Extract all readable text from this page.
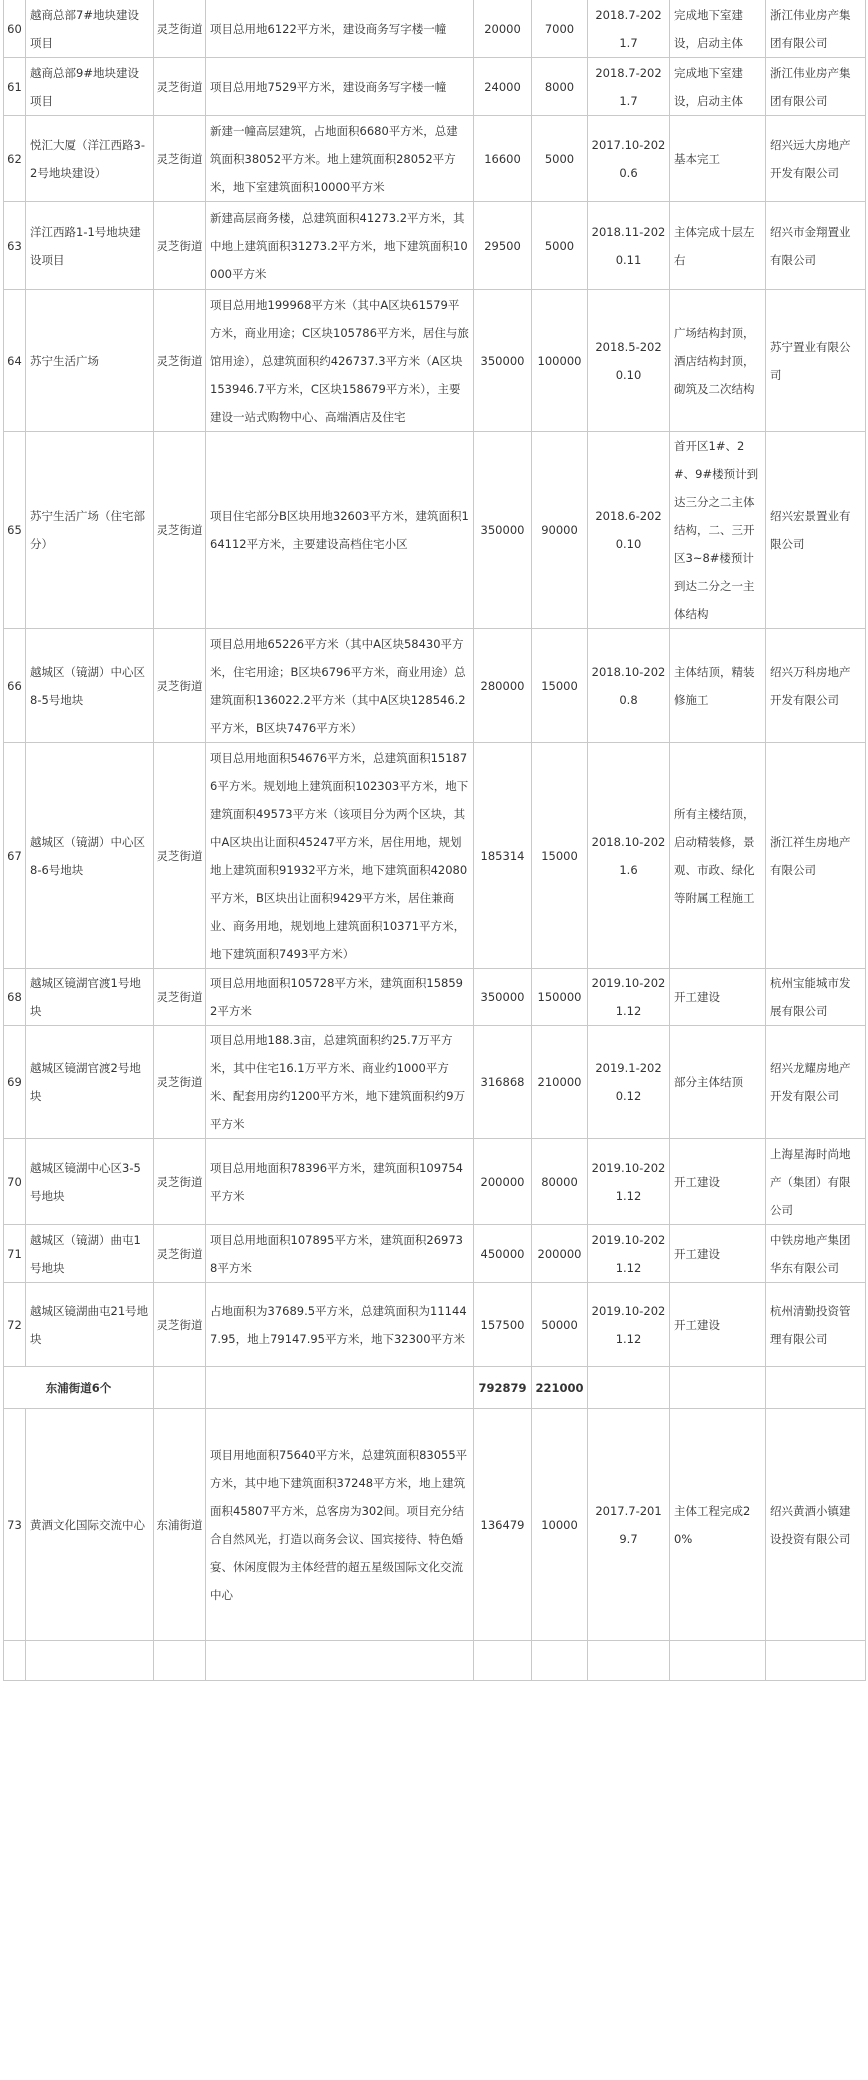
60	越商总部7#地块建设项目	灵芝街道	项目总用地6122平方米，建设商务写字楼一幢	20000	7000	2018.7-2021.7	完成地下室建设，启动主体	浙江伟业房产集团有限公司
61	越商总部9#地块建设项目	灵芝街道	项目总用地7529平方米，建设商务写字楼一幢	24000	8000	2018.7-2021.7	完成地下室建设，启动主体	浙江伟业房产集团有限公司
62	悦汇大厦（洋江西路3-2号地块建设）	灵芝街道	新建一幢高层建筑，占地面积6680平方米，总建筑面积38052平方米。地上建筑面积28052平方米，地下室建筑面积10000平方米	16600	5000	2017.10-2020.6	基本完工	绍兴远大房地产开发有限公司
63	洋江西路1-1号地块建设项目	灵芝街道	新建高层商务楼，总建筑面积41273.2平方米，其中地上建筑面积31273.2平方米，地下建筑面积10000平方米	29500	5000	2018.11-2020.11	主体完成十层左右	绍兴市金翔置业有限公司
64	苏宁生活广场	灵芝街道	项目总用地199968平方米（其中A区块61579平方米，商业用途；C区块105786平方米，居住与旅馆用途），总建筑面积约426737.3平方米（A区块153946.7平方米，C区块158679平方米），主要建设一站式购物中心、高端酒店及住宅	350000	100000	2018.5-2020.10	广场结构封顶，酒店结构封顶，砌筑及二次结构	苏宁置业有限公司
65	苏宁生活广场（住宅部分）	灵芝街道	项目住宅部分B区块用地32603平方米，建筑面积164112平方米，主要建设高档住宅小区	350000	90000	2018.6-2020.10	首开区1#、2#、9#楼预计到达三分之二主体结构，二、三开区3~8#楼预计到达二分之一主体结构	绍兴宏景置业有限公司
66	越城区（镜湖）中心区8-5号地块	灵芝街道	项目总用地65226平方米（其中A区块58430平方米，住宅用途；B区块6796平方米，商业用途）总建筑面积136022.2平方米（其中A区块128546.2平方米，B区块7476平方米）	280000	15000	2018.10-2020.8	主体结顶，精装修施工	绍兴万科房地产开发有限公司
67	越城区（镜湖）中心区8-6号地块	灵芝街道	项目总用地面积54676平方米，总建筑面积151876平方米。规划地上建筑面积102303平方米，地下建筑面积49573平方米（该项目分为两个区块，其中A区块出让面积45247平方米，居住用地，规划地上建筑面积91932平方米，地下建筑面积42080平方米，B区块出让面积9429平方米，居住兼商业、商务用地，规划地上建筑面积10371平方米，地下建筑面积7493平方米）	185314	15000	2018.10-2021.6	所有主楼结顶，启动精装修，景观、市政、绿化等附属工程施工	浙江祥生房地产有限公司
68	越城区镜湖官渡1号地块	灵芝街道	项目总用地面积105728平方米，建筑面积158592平方米	350000	150000	2019.10-2021.12	开工建设	杭州宝能城市发展有限公司
69	越城区镜湖官渡2号地块	灵芝街道	项目总用地188.3亩，总建筑面积约25.7万平方米，其中住宅16.1万平方米、商业约1000平方米、配套用房约1200平方米，地下建筑面积约9万平方米	316868	210000	2019.1-2020.12	部分主体结顶	绍兴龙耀房地产开发有限公司
70	越城区镜湖中心区3-5号地块	灵芝街道	项目总用地面积78396平方米，建筑面积109754平方米	200000	80000	2019.10-2021.12	开工建设	上海星海时尚地产（集团）有限公司
71	越城区（镜湖）曲屯1号地块	灵芝街道	项目总用地面积107895平方米，建筑面积269738平方米	450000	200000	2019.10-2021.12	开工建设	中铁房地产集团华东有限公司
72	越城区镜湖曲屯21号地块	灵芝街道	占地面积为37689.5平方米，总建筑面积为111447.95，地上79147.95平方米，地下32300平方米	157500	50000	2019.10-2021.12	开工建设	杭州清勤投资管理有限公司
东浦街道6个				792879	221000			
73	黄酒文化国际交流中心	东浦街道	项目用地面积75640平方米，总建筑面积83055平方米，其中地下建筑面积37248平方米，地上建筑面积45807平方米，总客房为302间。项目充分结合自然风光，打造以商务会议、国宾接待、特色婚宴、休闲度假为主体经营的超五星级国际文化交流中心	136479	10000	2017.7-2019.7	主体工程完成20%	绍兴黄酒小镇建设投资有限公司
